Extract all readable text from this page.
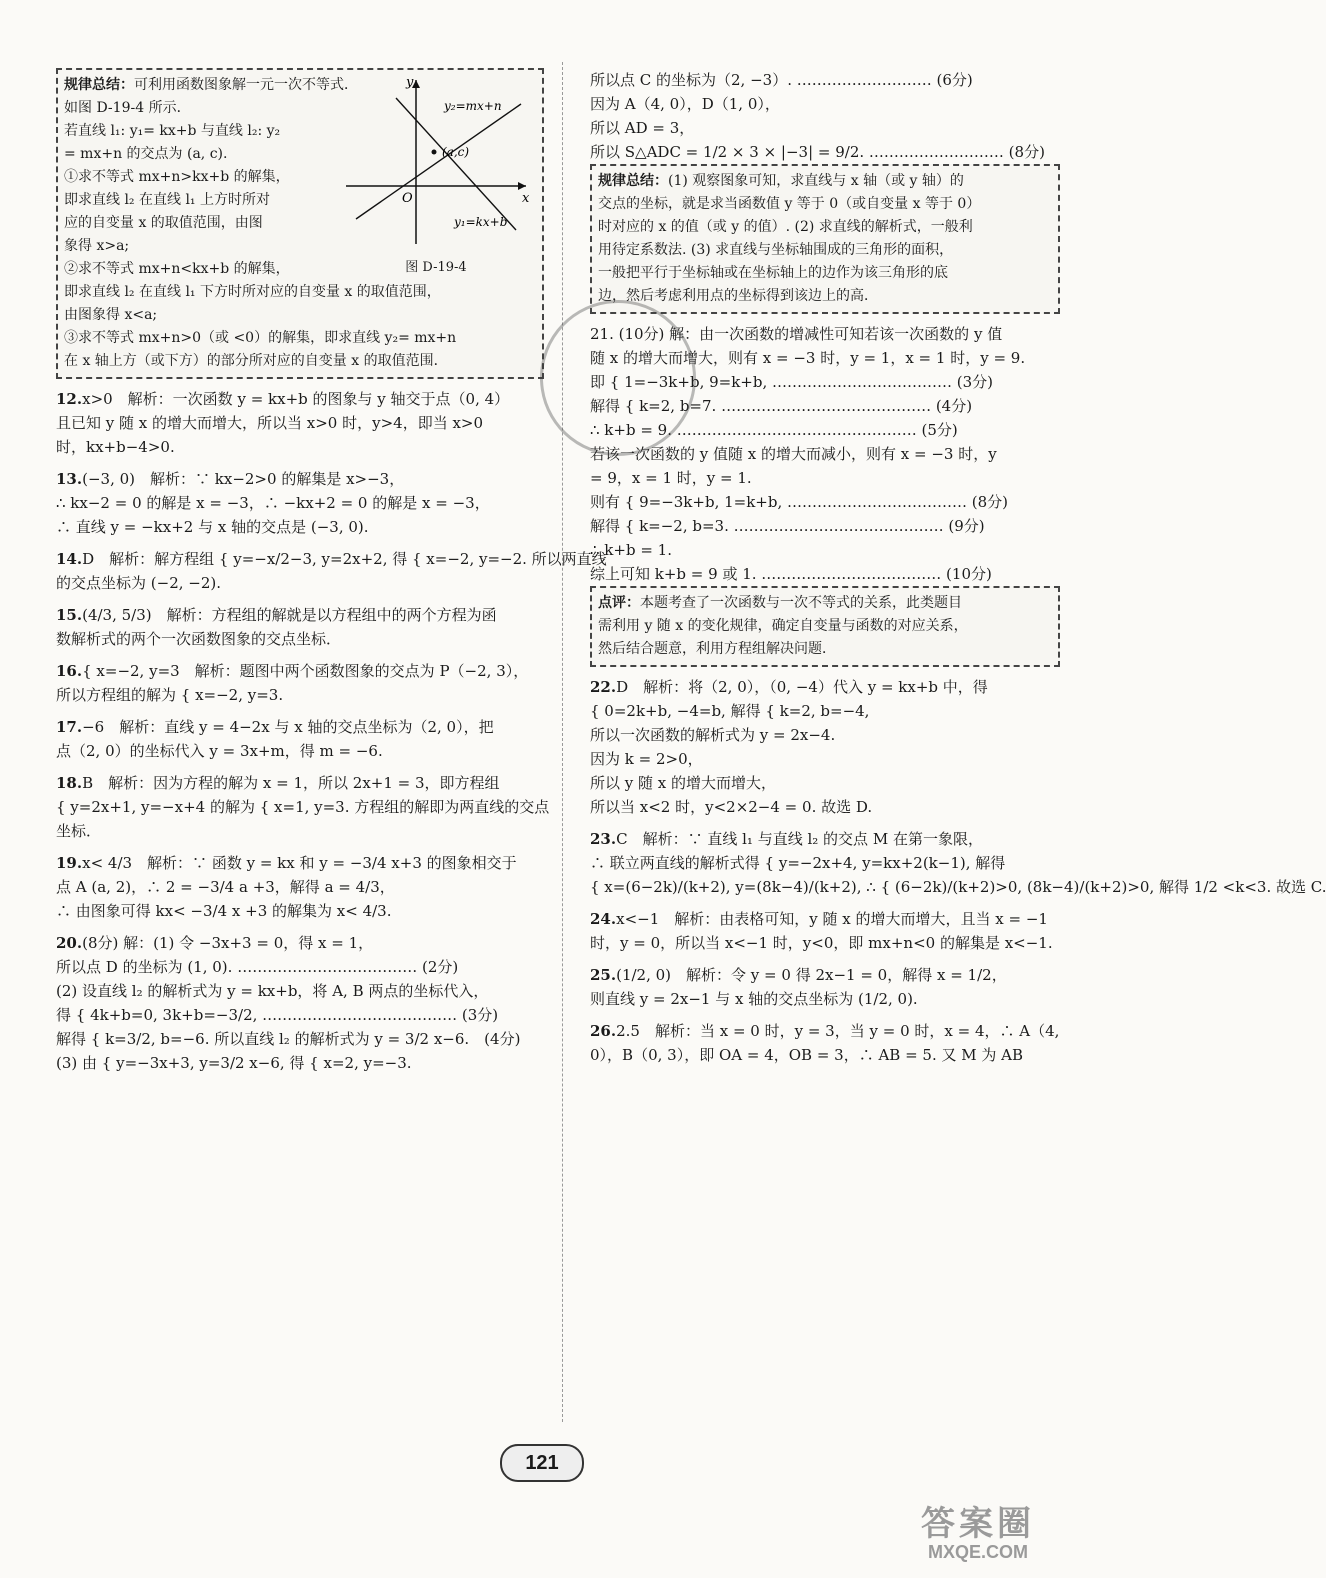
y
x
O
y₂=mx+n
y₁=kx+b
(a,c)
图 D-19-4
规律总结：可利用函数图象解一元一次不等式．
如图 D-19-4 所示．
若直线 l₁: y₁= kx+b 与直线 l₂: y₂
= mx+n 的交点为 (a, c).
①求不等式 mx+n>kx+b 的解集，
即求直线 l₂ 在直线 l₁ 上方时所对
应的自变量 x 的取值范围，由图
象得 x>a;
②求不等式 mx+n<kx+b 的解集，
即求直线 l₂ 在直线 l₁ 下方时所对应的自变量 x 的取值范围，
由图象得 x<a;
③求不等式 mx+n>0（或 <0）的解集，即求直线 y₂= mx+n
在 x 轴上方（或下方）的部分所对应的自变量 x 的取值范围．
12.x>0　解析：一次函数 y = kx+b 的图象与 y 轴交于点（0, 4）
且已知 y 随 x 的增大而增大，所以当 x>0 时，y>4，即当 x>0
时，kx+b−4>0.
13.(−3, 0)　解析：∵ kx−2>0 的解集是 x>−3，
∴ kx−2 = 0 的解是 x = −3，∴ −kx+2 = 0 的解是 x = −3，
∴ 直线 y = −kx+2 与 x 轴的交点是 (−3, 0).
14.D　解析：解方程组 { y=−x/2−3, y=2x+2, 得 { x=−2, y=−2. 所以两直线
的交点坐标为 (−2, −2).
15.(4/3, 5/3)　解析：方程组的解就是以方程组中的两个方程为函
数解析式的两个一次函数图象的交点坐标．
16.{ x=−2, y=3　解析：题图中两个函数图象的交点为 P（−2, 3），
所以方程组的解为 { x=−2, y=3.
17.−6　解析：直线 y = 4−2x 与 x 轴的交点坐标为（2, 0），把
点（2, 0）的坐标代入 y = 3x+m，得 m = −6.
18.B　解析：因为方程的解为 x = 1，所以 2x+1 = 3，即方程组
{ y=2x+1, y=−x+4 的解为 { x=1, y=3. 方程组的解即为两直线的交点
坐标．
19.x< 4/3　解析：∵ 函数 y = kx 和 y = −3/4 x+3 的图象相交于
点 A (a, 2)，∴ 2 = −3/4 a +3，解得 a = 4/3，
∴ 由图象可得 kx< −3/4 x +3 的解集为 x< 4/3.
20.(8分) 解：(1) 令 −3x+3 = 0，得 x = 1，
所以点 D 的坐标为 (1, 0). ……………………………… (2分)
(2) 设直线 l₂ 的解析式为 y = kx+b，将 A, B 两点的坐标代入，
得 { 4k+b=0, 3k+b=−3/2, ………………………………… (3分)
解得 { k=3/2, b=−6. 所以直线 l₂ 的解析式为 y = 3/2 x−6.　(4分)
(3) 由 { y=−3x+3, y=3/2 x−6, 得 { x=2, y=−3.
所以点 C 的坐标为（2, −3）. ……………………… (6分)
因为 A（4, 0），D（1, 0），
所以 AD = 3，
所以 S△ADC = 1/2 × 3 × |−3| = 9/2. ……………………… (8分)
规律总结：(1) 观察图象可知，求直线与 x 轴（或 y 轴）的
交点的坐标，就是求当函数值 y 等于 0（或自变量 x 等于 0）
时对应的 x 的值（或 y 的值）. (2) 求直线的解析式，一般利
用待定系数法. (3) 求直线与坐标轴围成的三角形的面积，
一般把平行于坐标轴或在坐标轴上的边作为该三角形的底
边，然后考虑利用点的坐标得到该边上的高．
21. (10分) 解：由一次函数的增减性可知若该一次函数的 y 值
随 x 的增大而增大，则有 x = −3 时，y = 1，x = 1 时，y = 9.
即 { 1=−3k+b, 9=k+b, ……………………………… (3分)
解得 { k=2, b=7. …………………………………… (4分)
∴ k+b = 9. ………………………………………… (5分)
若该一次函数的 y 值随 x 的增大而减小，则有 x = −3 时，y
= 9，x = 1 时，y = 1.
则有 { 9=−3k+b, 1=k+b, ……………………………… (8分)
解得 { k=−2, b=3. …………………………………… (9分)
∴ k+b = 1.
综上可知 k+b = 9 或 1. ……………………………… (10分)
点评：本题考查了一次函数与一次不等式的关系，此类题目
需利用 y 随 x 的变化规律，确定自变量与函数的对应关系，
然后结合题意，利用方程组解决问题．
22.D　解析：将（2, 0），（0, −4）代入 y = kx+b 中，得
{ 0=2k+b, −4=b, 解得 { k=2, b=−4,
所以一次函数的解析式为 y = 2x−4.
因为 k = 2>0，
所以 y 随 x 的增大而增大，
所以当 x<2 时，y<2×2−4 = 0. 故选 D.
23.C　解析：∵ 直线 l₁ 与直线 l₂ 的交点 M 在第一象限，
∴ 联立两直线的解析式得 { y=−2x+4, y=kx+2(k−1), 解得
{ x=(6−2k)/(k+2), y=(8k−4)/(k+2), ∴ { (6−2k)/(k+2)>0, (8k−4)/(k+2)>0, 解得 1/2 <k<3. 故选 C.
24.x<−1　解析：由表格可知，y 随 x 的增大而增大，且当 x = −1
时，y = 0，所以当 x<−1 时，y<0，即 mx+n<0 的解集是 x<−1.
25.(1/2, 0)　解析：令 y = 0 得 2x−1 = 0，解得 x = 1/2，
则直线 y = 2x−1 与 x 轴的交点坐标为 (1/2, 0).
26.2.5　解析：当 x = 0 时，y = 3，当 y = 0 时，x = 4，∴ A（4,
0），B（0, 3），即 OA = 4，OB = 3，∴ AB = 5. 又 M 为 AB
121
答案圈
MXQE.COM
